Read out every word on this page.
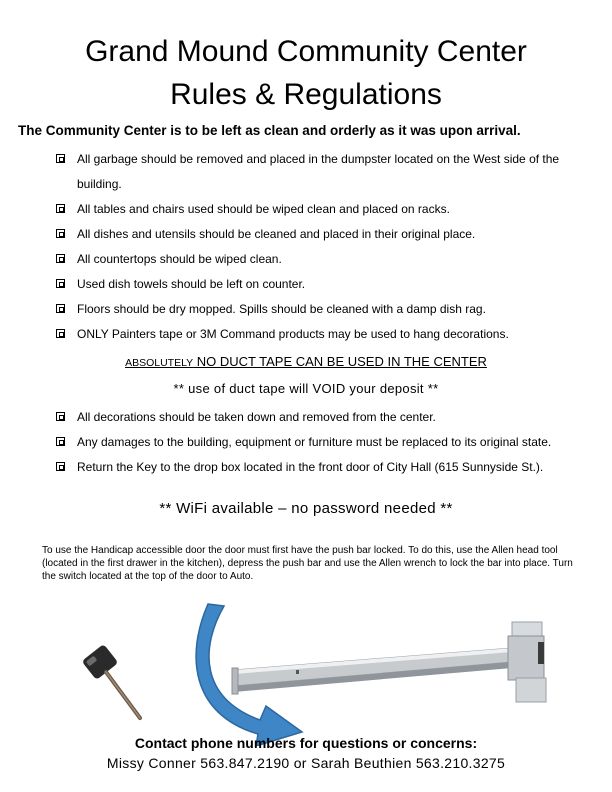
Grand Mound Community Center
Rules & Regulations
The Community Center is to be left as clean and orderly as it was upon arrival.
All garbage should be removed and placed in the dumpster located on the West side of the
building.
All tables and chairs used should be wiped clean and placed on racks.
All dishes and utensils should be cleaned and placed in their original place.
All countertops should be wiped clean.
Used dish towels should be left on counter.
Floors should be dry mopped. Spills should be cleaned with a damp dish rag.
ONLY Painters tape or 3M Command products may be used to hang decorations.
ABSOLUTELY NO DUCT TAPE CAN BE USED IN THE CENTER
** use of duct tape will VOID your deposit **
All decorations should be taken down and removed from the center.
Any damages to the building, equipment or furniture must be replaced to its original state.
Return the Key to the drop box located in the front door of City Hall (615 Sunnyside St.).
** WiFi available – no password needed **
To use the Handicap accessible door the door must first have the push bar locked. To do this, use the Allen head tool (located in the first drawer in the kitchen), depress the push bar and use the Allen wrench to lock the bar into place. Turn the switch located at the top of the door to Auto.
Contact phone numbers for questions or concerns:
Missy Conner 563.847.2190 or Sarah Beuthien 563.210.3275
